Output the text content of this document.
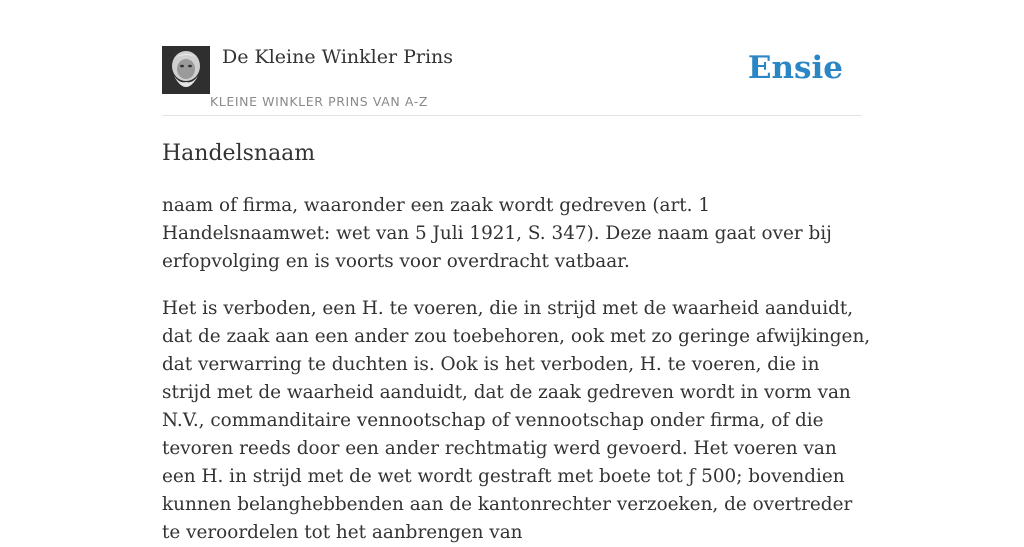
De Kleine Winkler Prins
KLEINE WINKLER PRINS VAN A-Z
Ensie
Handelsnaam

naam of firma, waaronder een zaak wordt gedreven (art. 1 Handelsnaamwet: wet van 5 Juli 1921, S. 347). Deze naam gaat over bij erfopvolging en is voorts voor overdracht vatbaar.

Het is verboden, een H. te voeren, die in strijd met de waarheid aanduidt, dat de zaak aan een ander zou toebehoren, ook met zo geringe afwijkingen, dat verwarring te duchten is. Ook is het verboden, H. te voeren, die in strijd met de waarheid aanduidt, dat de zaak gedreven wordt in vorm van N.V., commanditaire vennootschap of vennootschap onder firma, of die tevoren reeds door een ander rechtmatig werd gevoerd. Het voeren van een H. in strijd met de wet wordt gestraft met boete tot ƒ 500; bovendien kunnen belanghebbenden aan de kantonrechter verzoeken, de overtreder te veroordelen tot het aanbrengen van
